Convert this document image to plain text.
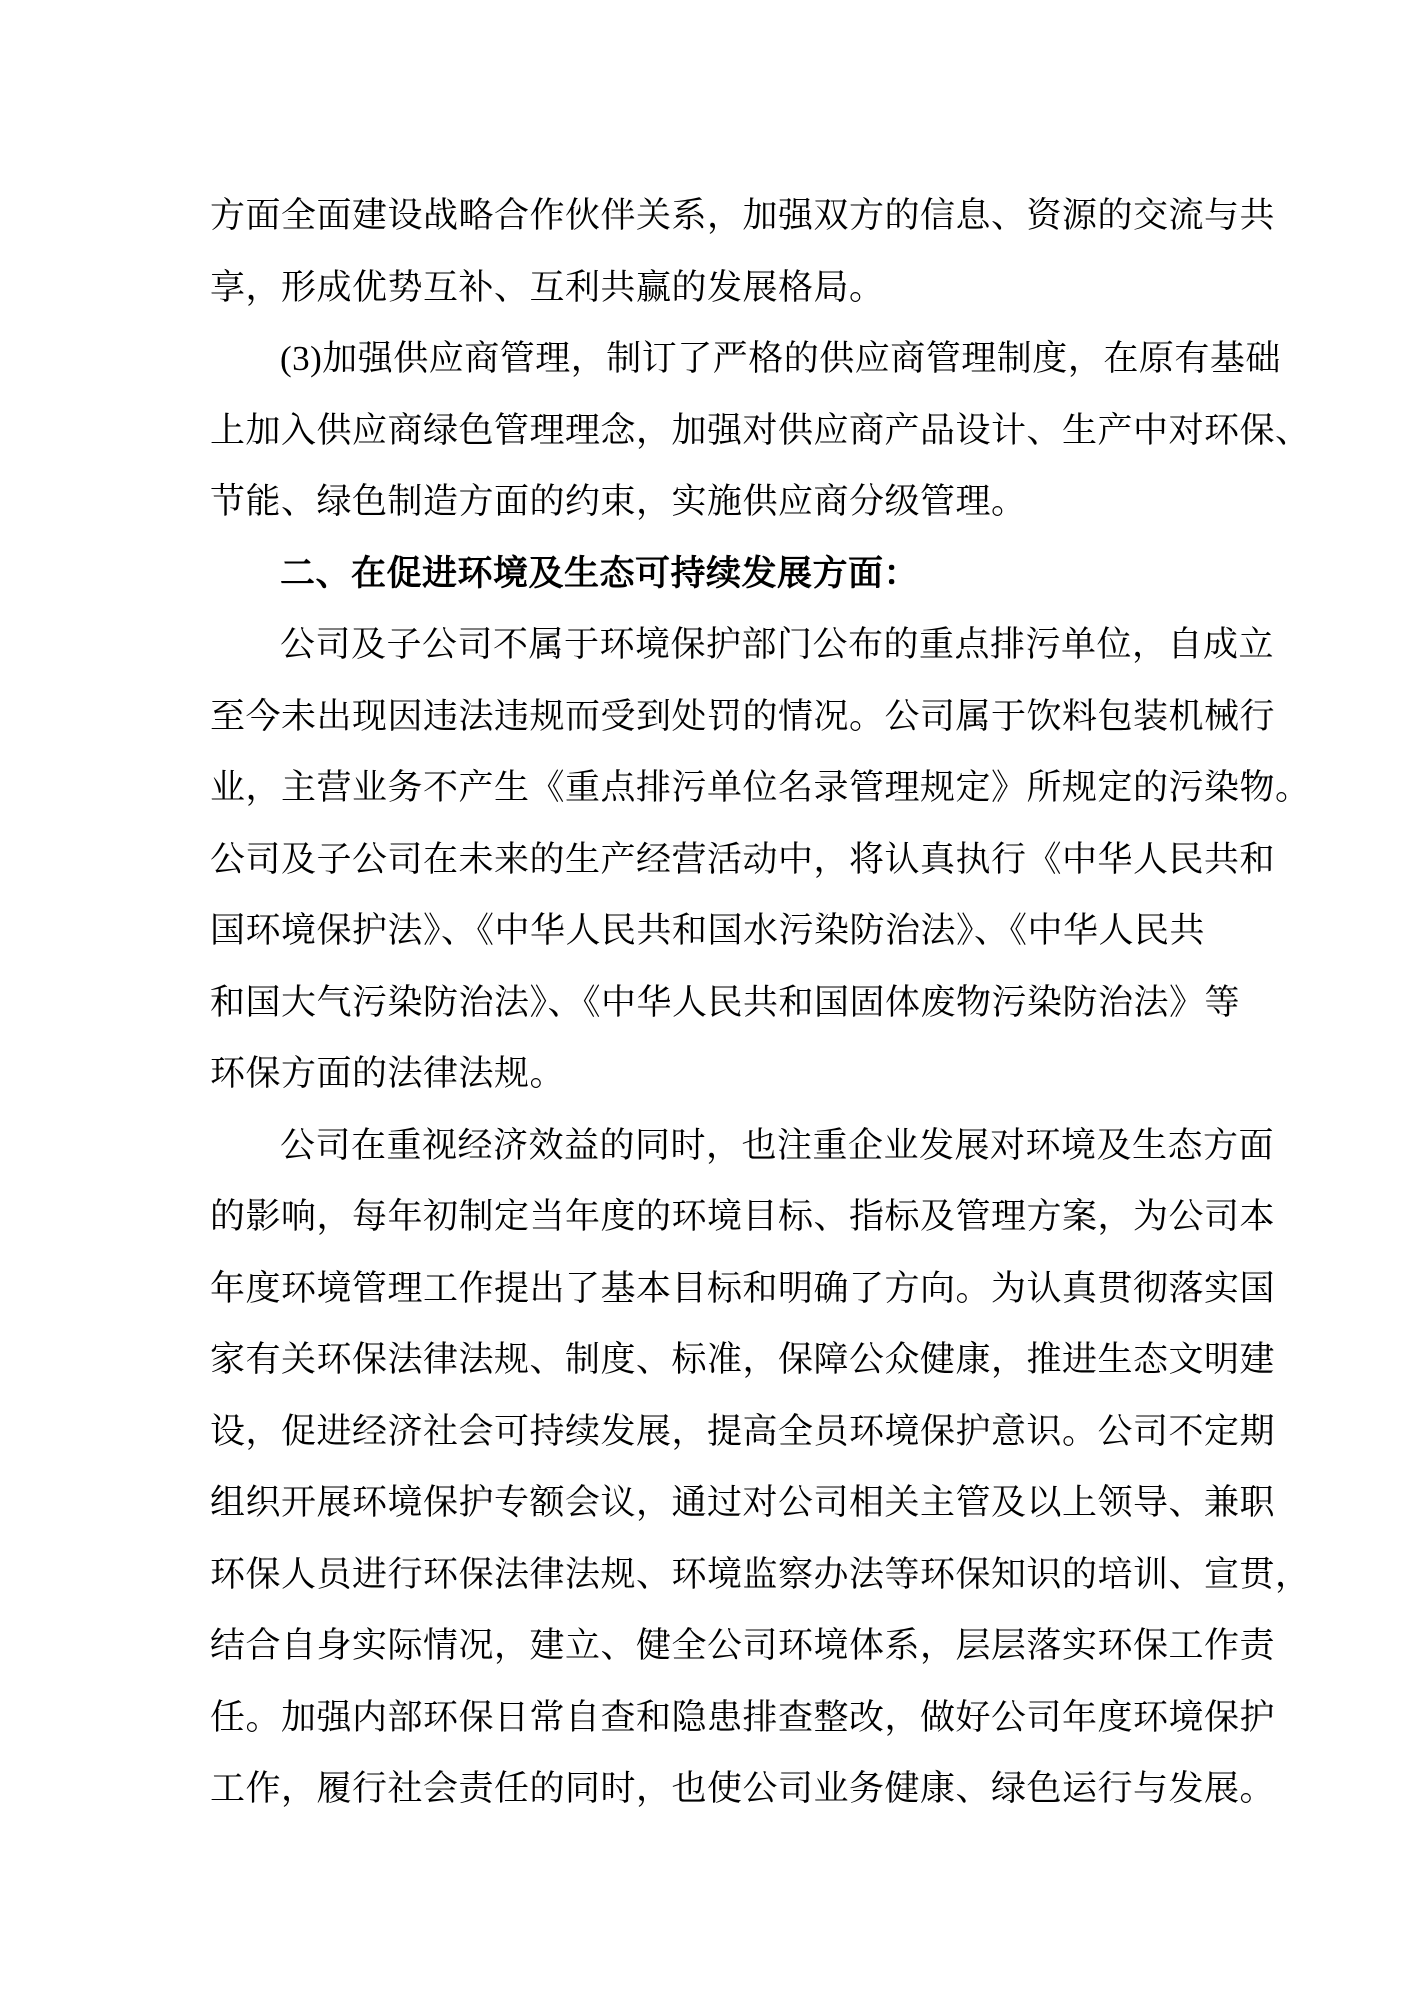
方面全面建设战略合作伙伴关系，加强双方的信息、资源的交流与共
享，形成优势互补、互利共赢的发展格局。
(3)加强供应商管理，制订了严格的供应商管理制度，在原有基础
上加入供应商绿色管理理念，加强对供应商产品设计、生产中对环保、
节能、绿色制造方面的约束，实施供应商分级管理。
二、在促进环境及生态可持续发展方面：
公司及子公司不属于环境保护部门公布的重点排污单位，自成立
至今未出现因违法违规而受到处罚的情况。公司属于饮料包装机械行
业，主营业务不产生《重点排污单位名录管理规定》所规定的污染物。
公司及子公司在未来的生产经营活动中，将认真执行《中华人民共和
国环境保护法》、《中华人民共和国水污染防治法》、《中华人民共
和国大气污染防治法》、《中华人民共和国固体废物污染防治法》等
环保方面的法律法规。
公司在重视经济效益的同时，也注重企业发展对环境及生态方面
的影响，每年初制定当年度的环境目标、指标及管理方案，为公司本
年度环境管理工作提出了基本目标和明确了方向。为认真贯彻落实国
家有关环保法律法规、制度、标准，保障公众健康，推进生态文明建
设，促进经济社会可持续发展，提高全员环境保护意识。公司不定期
组织开展环境保护专额会议，通过对公司相关主管及以上领导、兼职
环保人员进行环保法律法规、环境监察办法等环保知识的培训、宣贯，
结合自身实际情况，建立、健全公司环境体系，层层落实环保工作责
任。加强内部环保日常自查和隐患排查整改，做好公司年度环境保护
工作，履行社会责任的同时，也使公司业务健康、绿色运行与发展。
